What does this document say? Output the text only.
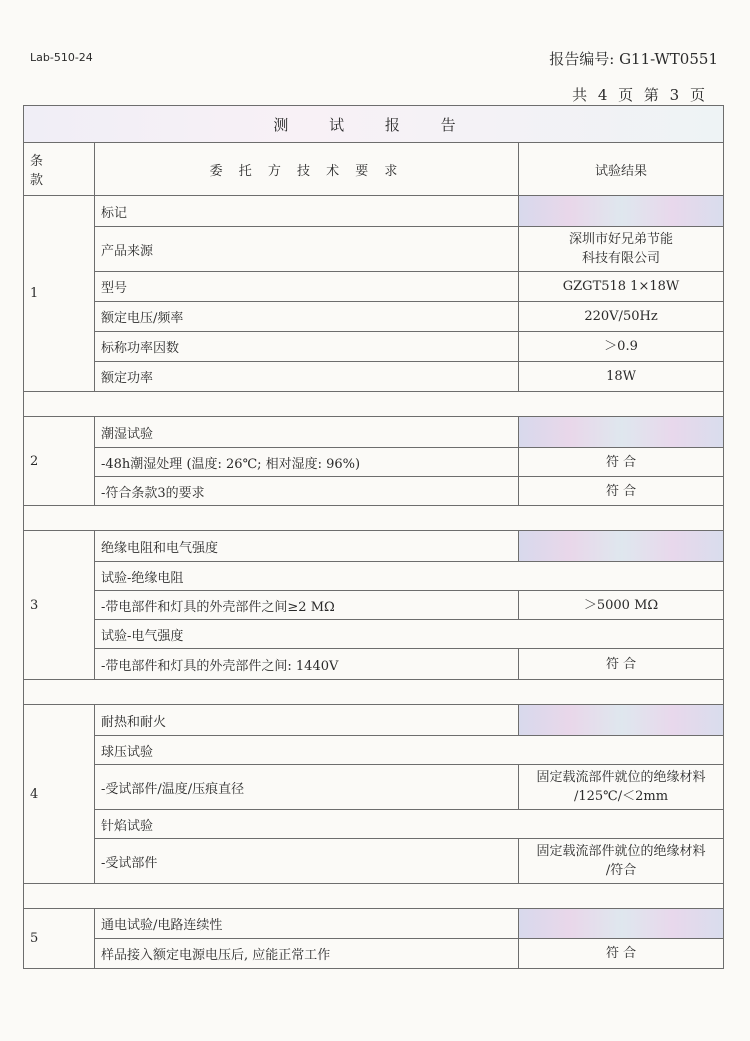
Lab-510-24	报告编号: G11-WT0551
共 4 页 第 3 页
测 试 报 告		
条 款	委 托 方 技 术 要 求	试验结果
1	标记	
	产品来源	深圳市好兄弟节能
科技有限公司
	型号	GZGT518 1×18W
	额定电压/频率	220V/50Hz
	标称功率因数	＞0.9
	额定功率	18W

2	潮湿试验	
	-48h潮湿处理 (温度: 26℃; 相对湿度: 96%)	符 合
	-符合条款3的要求	符 合

3	绝缘电阻和电气强度	
	试验-绝缘电阻	
	-带电部件和灯具的外壳部件之间≥2 MΩ	＞5000 MΩ
	试验-电气强度	
	-带电部件和灯具的外壳部件之间: 1440V	符 合

4	耐热和耐火	
	球压试验	
	-受试部件/温度/压痕直径	固定载流部件就位的绝缘材料
/125℃/＜2mm
	针焰试验	
	-受试部件	固定载流部件就位的绝缘材料
/符合

5	通电试验/电路连续性	
	样品接入额定电源电压后, 应能正常工作	符 合
